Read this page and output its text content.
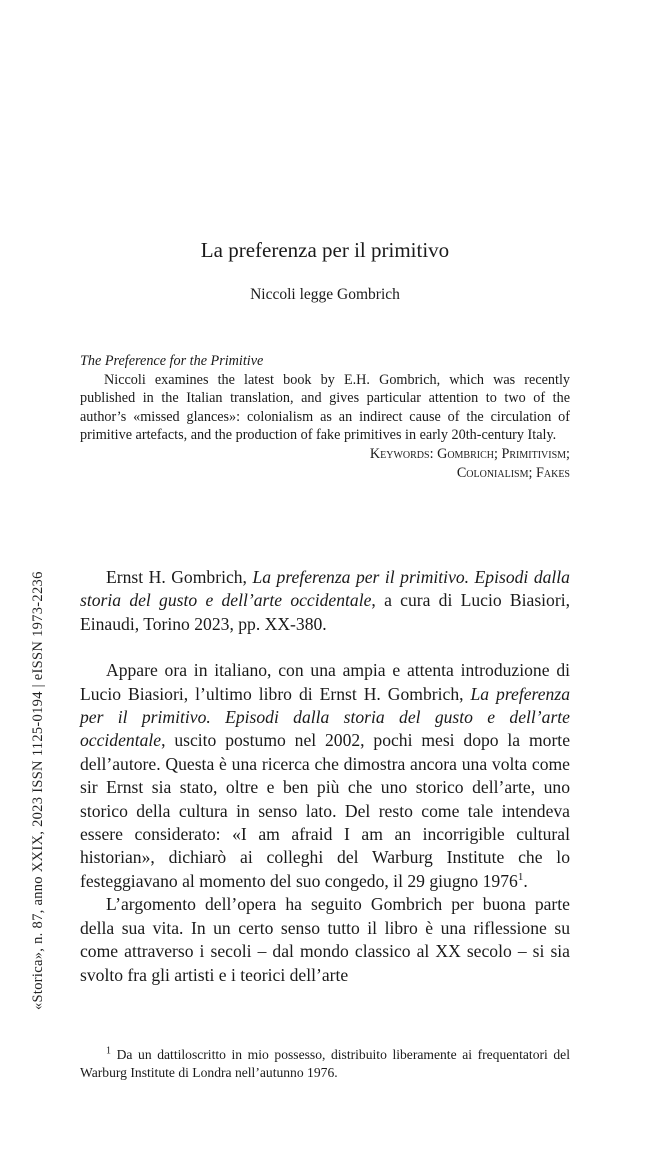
«Storica», n. 87, anno XXIX, 2023 ISSN 1125-0194 | eISSN 1973-2236
La preferenza per il primitivo
Niccoli legge Gombrich

The Preference for the Primitive

Niccoli examines the latest book by E.H. Gombrich, which was recently published in the Italian translation, and gives particular attention to two of the author’s «missed glances»: colonialism as an indirect cause of the circulation of primitive artefacts, and the production of fake primitives in early 20th-century Italy.

Keywords: Gombrich; Primitivism;

Colonialism; Fakes

Ernst H. Gombrich, La preferenza per il primitivo. Episodi dalla storia del gusto e dell’arte occidentale, a cura di Lucio Biasiori, Einaudi, Torino 2023, pp. XX-380.

Appare ora in italiano, con una ampia e attenta introduzione di Lucio Biasiori, l’ultimo libro di Ernst H. Gombrich, La preferenza per il primitivo. Episodi dalla storia del gusto e dell’arte occidentale, uscito postumo nel 2002, pochi mesi dopo la morte dell’autore. Questa è una ricerca che dimostra ancora una volta come sir Ernst sia stato, oltre e ben più che uno storico dell’arte, uno storico della cultura in senso lato. Del resto come tale intendeva essere considerato: «I am afraid I am an incorrigible cultural historian», dichiarò ai colleghi del Warburg Institute che lo festeggiavano al momento del suo congedo, il 29 giugno 1976$^1$.

L’argomento dell’opera ha seguito Gombrich per buona parte della sua vita. In un certo senso tutto il libro è una riflessione su come attraverso i secoli – dal mondo classico al XX secolo – si sia svolto fra gli artisti e i teorici dell’arte

$^1$ Da un dattiloscritto in mio possesso, distribuito liberamente ai frequentatori del Warburg Institute di Londra nell’autunno 1976.
